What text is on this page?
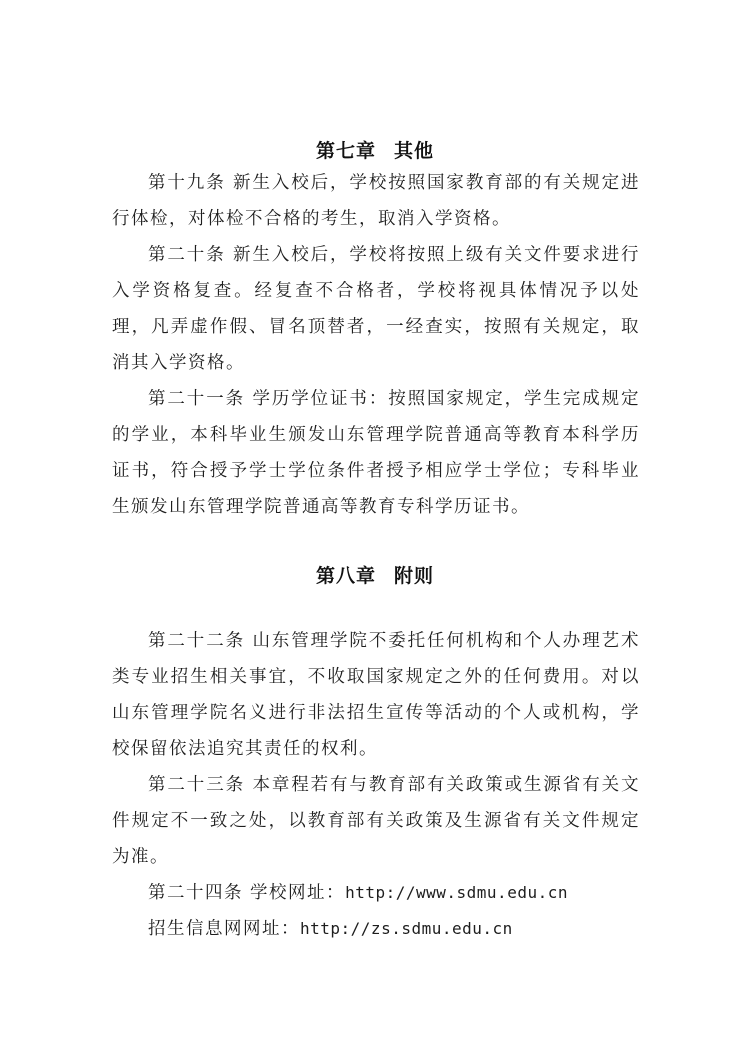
第七章 其他
第十九条 新生入校后，学校按照国家教育部的有关规定进行体检，对体检不合格的考生，取消入学资格。
第二十条 新生入校后，学校将按照上级有关文件要求进行入学资格复查。经复查不合格者，学校将视具体情况予以处理，凡弄虚作假、冒名顶替者，一经查实，按照有关规定，取消其入学资格。
第二十一条 学历学位证书：按照国家规定，学生完成规定的学业，本科毕业生颁发山东管理学院普通高等教育本科学历证书，符合授予学士学位条件者授予相应学士学位；专科毕业生颁发山东管理学院普通高等教育专科学历证书。
第八章 附则
第二十二条 山东管理学院不委托任何机构和个人办理艺术类专业招生相关事宜，不收取国家规定之外的任何费用。对以山东管理学院名义进行非法招生宣传等活动的个人或机构，学校保留依法追究其责任的权利。
第二十三条 本章程若有与教育部有关政策或生源省有关文件规定不一致之处，以教育部有关政策及生源省有关文件规定为准。
第二十四条 学校网址：http://www.sdmu.edu.cn
招生信息网网址：http://zs.sdmu.edu.cn
